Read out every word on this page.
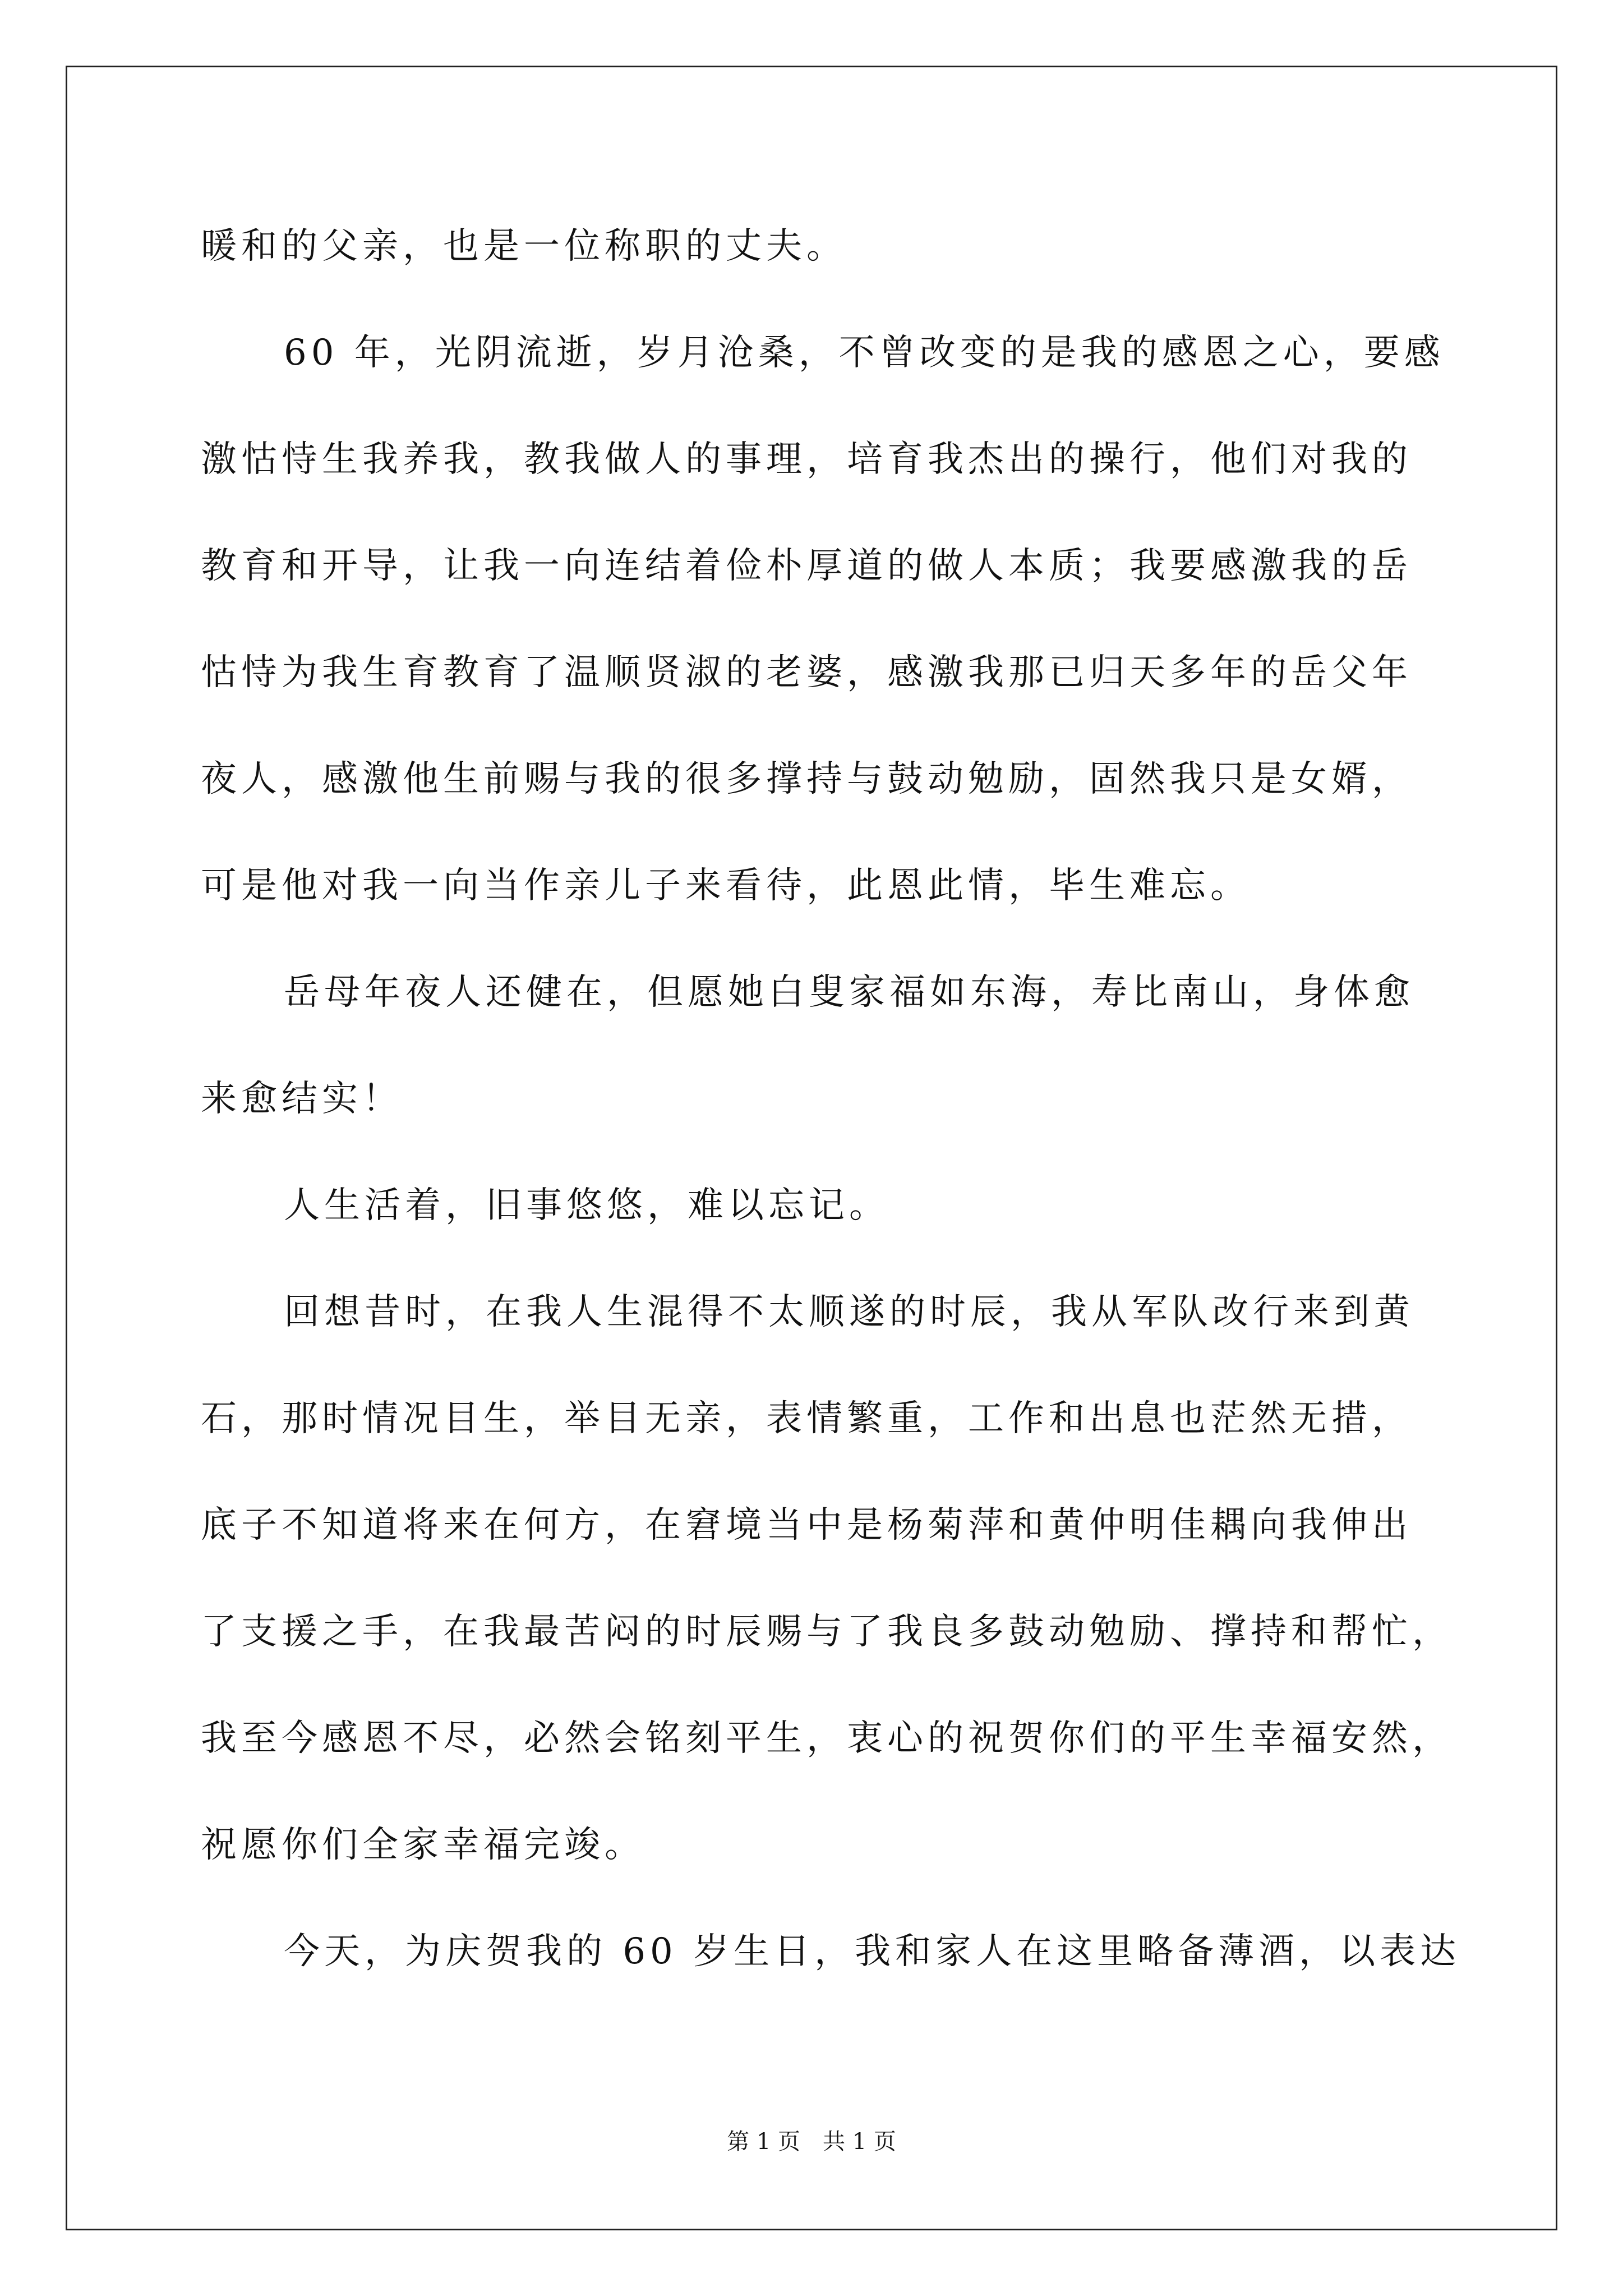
暖和的父亲，也是一位称职的丈夫。
60 年，光阴流逝，岁月沧桑，不曾改变的是我的感恩之心，要感
激怙恃生我养我，教我做人的事理，培育我杰出的操行，他们对我的
教育和开导，让我一向连结着俭朴厚道的做人本质；我要感激我的岳
怙恃为我生育教育了温顺贤淑的老婆，感激我那已归天多年的岳父年
夜人，感激他生前赐与我的很多撑持与鼓动勉励，固然我只是女婿，
可是他对我一向当作亲儿子来看待，此恩此情，毕生难忘。
岳母年夜人还健在，但愿她白叟家福如东海，寿比南山，身体愈
来愈结实！
人生活着，旧事悠悠，难以忘记。
回想昔时，在我人生混得不太顺遂的时辰，我从军队改行来到黄
石，那时情况目生，举目无亲，表情繁重，工作和出息也茫然无措，
底子不知道将来在何方，在窘境当中是杨菊萍和黄仲明佳耦向我伸出
了支援之手，在我最苦闷的时辰赐与了我良多鼓动勉励、撑持和帮忙，
我至今感恩不尽，必然会铭刻平生，衷心的祝贺你们的平生幸福安然，
祝愿你们全家幸福完竣。
今天，为庆贺我的 60 岁生日，我和家人在这里略备薄酒，以表达
第 1 页 共 1 页
